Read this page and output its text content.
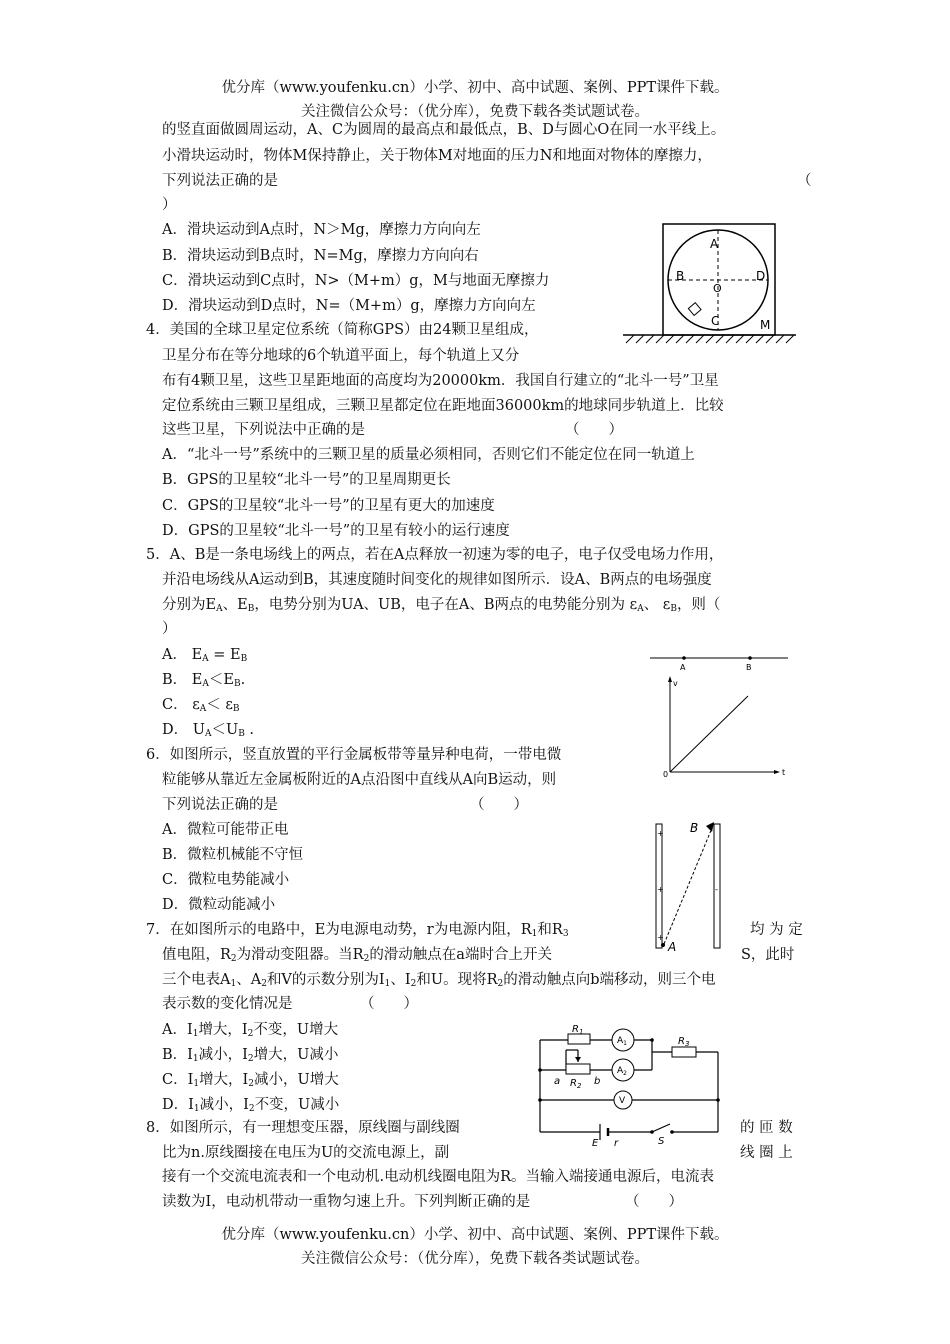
优分库（www.youfenku.cn）小学、初中、高中试题、案例、PPT课件下载。
关注微信公众号：（优分库），免费下载各类试题试卷。
的竖直面做圆周运动，A、C为圆周的最高点和最低点，B、D与圆心O在同一水平线上。
小滑块运动时，物体M保持静止，关于物体M对地面的压力N和地面对物体的摩擦力，
下列说法正确的是	（
）
A．滑块运动到A点时，N＞Mg，摩擦力方向向左
B．滑块运动到B点时，N=Mg，摩擦力方向向右
C．滑块运动到C点时，N>（M+m）g，M与地面无摩擦力
D．滑块运动到D点时，N=（M+m）g，摩擦力方向向左
A
B	D
O
C	M
4．美国的全球卫星定位系统（简称GPS）由24颗卫星组成，
卫星分布在等分地球的6个轨道平面上，每个轨道上又分
布有4颗卫星，这些卫星距地面的高度均为20000km．我国自行建立的“北斗一号”卫星
定位系统由三颗卫星组成，三颗卫星都定位在距地面36000km的地球同步轨道上．比较
这些卫星，下列说法中正确的是	（　　）
A．“北斗一号”系统中的三颗卫星的质量必须相同，否则它们不能定位在同一轨道上
B．GPS的卫星较“北斗一号”的卫星周期更长
C．GPS的卫星较“北斗一号”的卫星有更大的加速度
D．GPS的卫星较“北斗一号”的卫星有较小的运行速度
5．A、B是一条电场线上的两点，若在A点释放一初速为零的电子，电子仅受电场力作用，
并沿电场线从A运动到B，其速度随时间变化的规律如图所示．设A、B两点的电场强度
分别为$E_A$、$E_B$，电势分别为UA、UB，电子在A、B两点的电势能分别为 $\varepsilon_A$、 $\varepsilon_B$，则（
）
A． $E_A = E_B$
B． $E_A<E_B$.
C． $\varepsilon_A< \varepsilon_B$
D． $U_A<U_B$ .
A	B
v
t
0
6．如图所示，竖直放置的平行金属板带等量异种电荷，一带电微
粒能够从靠近左金属板附近的A点沿图中直线从A向B运动，则
下列说法正确的是	（　　）
A．微粒可能带正电
B．微粒机械能不守恒
C．微粒电势能减小
D．微粒动能减小
+
+
+
-
A
B
7．在如图所示的电路中，E为电源电动势，r为电源内阻，$R_1$和$R_3$	均 为 定
值电阻，$R_2$为滑动变阻器。当$R_2$的滑动触点在a端时合上开关	S，此时
三个电表$A_1$、$A_2$和V的示数分别为$I_1$、$I_2$和U。现将$R_2$的滑动触点向b端移动，则三个电
表示数的变化情况是	（　　）
A．$I_1$增大，$I_2$不变，U增大
B．$I_1$减小，$I_2$增大，U减小
C．$I_1$增大，$I_2$减小，U增大
D．$I_1$减小，$I_2$不变，U减小
$R_1$
$R_3$
$R_2$
a	b
E r	S
$A_1$
$A_2$
V
8．如图所示，有一理想变压器，原线圈与副线圈	的 匝 数
比为n.原线圈接在电压为U的交流电源上，副	线 圈 上
接有一个交流电流表和一个电动机.电动机线圈电阻为R。当输入端接通电源后，电流表
读数为I，电动机带动一重物匀速上升。下列判断正确的是	（　　）
优分库（www.youfenku.cn）小学、初中、高中试题、案例、PPT课件下载。
关注微信公众号：（优分库），免费下载各类试题试卷。
